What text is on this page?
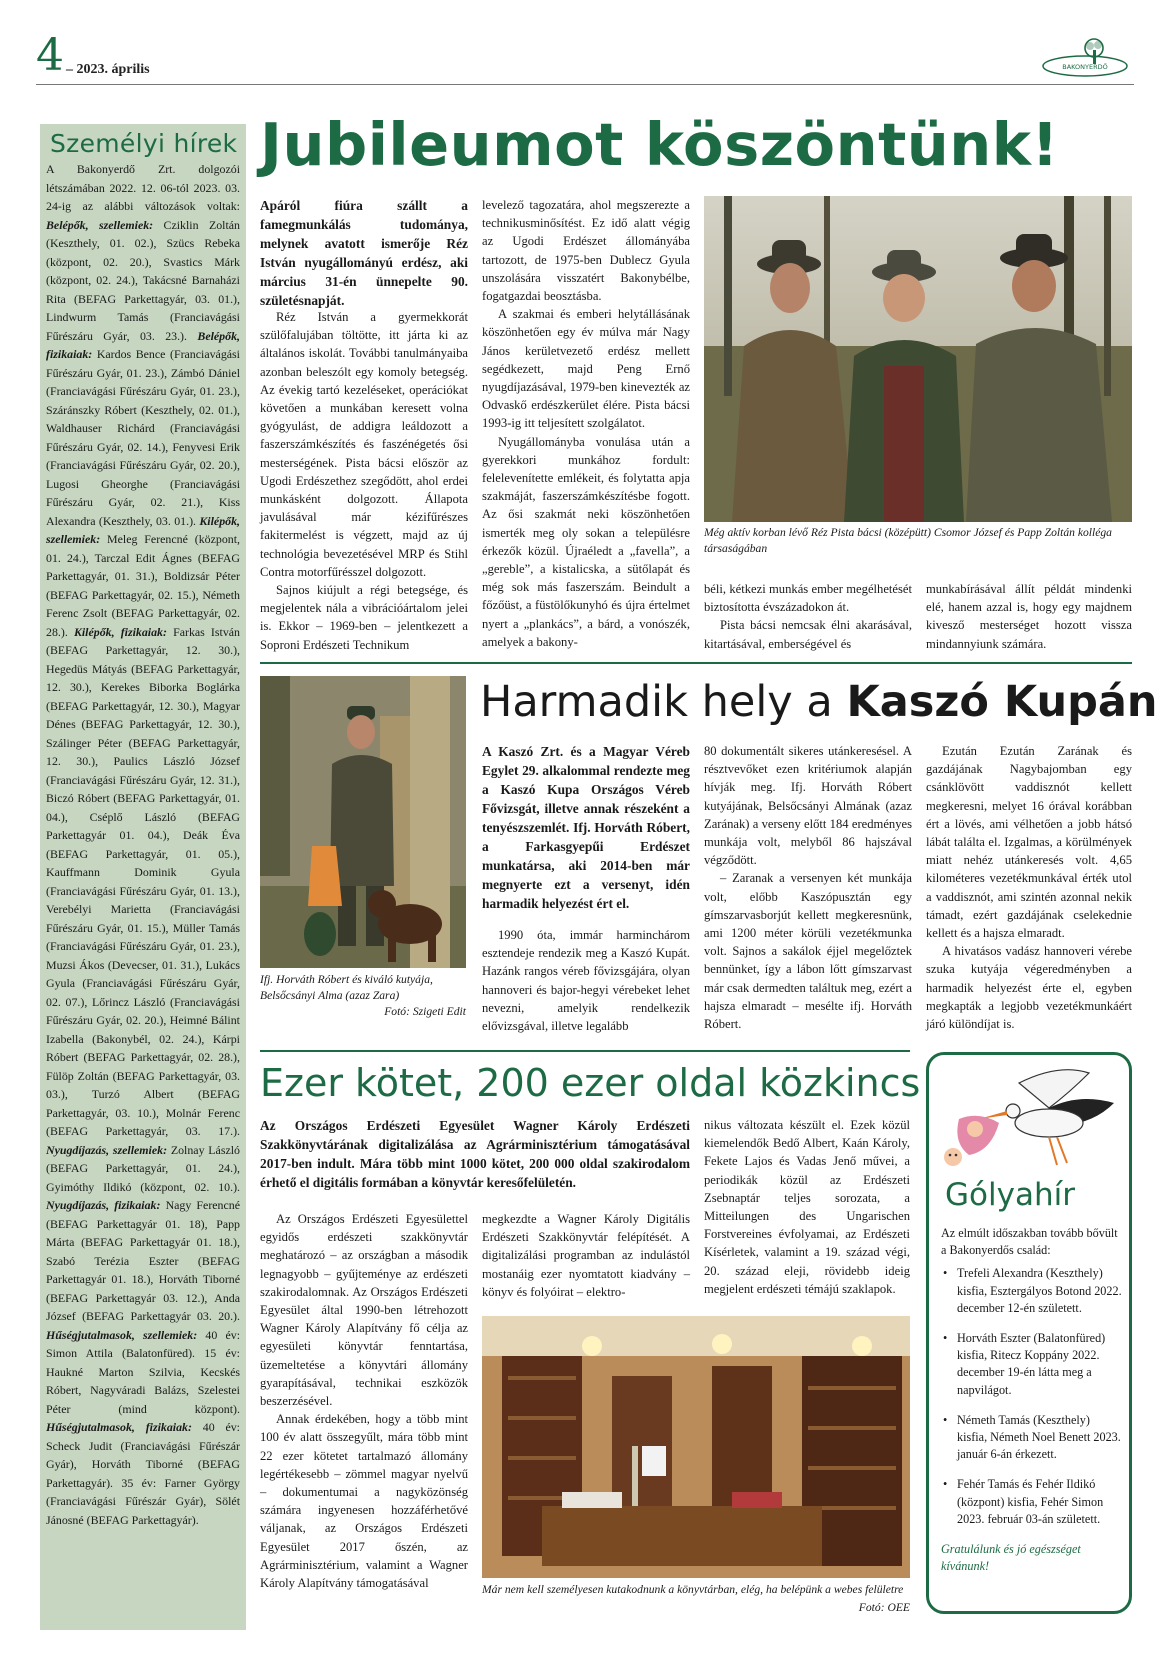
4 – 2023. április	BAKONYERDŐ
Személyi hírek
A Bakonyerdő Zrt. dolgozói létszámában 2022. 12. 06-tól 2023. 03. 24-ig az alábbi változások voltak: Belépők, szellemiek: Cziklin Zoltán (Keszthely, 01. 02.), Szücs Rebeka (központ, 02. 20.), Svastics Márk (központ, 02. 24.), Takácsné Barnaházi Rita (BEFAG Parkettagyár, 03. 01.), Lindwurm Tamás (Franciavágási Fűrészáru Gyár, 03. 23.). Belépők, fizikaiak: Kardos Bence (Franciavágási Fűrészáru Gyár, 01. 23.), Zámbó Dániel (Franciavágási Fűrészáru Gyár, 01. 23.), Száránszky Róbert (Keszthely, 02. 01.), Waldhauser Richárd (Franciavágási Fűrészáru Gyár, 02. 14.), Fenyvesi Erik (Franciavágási Fűrészáru Gyár, 02. 20.), Lugosi Gheorghe (Franciavágási Fűrészáru Gyár, 02. 21.), Kiss Alexandra (Keszthely, 03. 01.). Kilépők, szellemiek: Meleg Ferencné (központ, 01. 24.), Tarczal Edit Ágnes (BEFAG Parkettagyár, 01. 31.), Boldizsár Péter (BEFAG Parkettagyár, 02. 15.), Németh Ferenc Zsolt (BEFAG Parkettagyár, 02. 28.). Kilépők, fizikaiak: Farkas István (BEFAG Parkettagyár, 12. 30.), Hegedüs Mátyás (BEFAG Parkettagyár, 12. 30.), Kerekes Biborka Boglárka (BEFAG Parkettagyár, 12. 30.), Magyar Dénes (BEFAG Parkettagyár, 12. 30.), Szálinger Péter (BEFAG Parkettagyár, 12. 30.), Paulics László József (Franciavágási Fűrészáru Gyár, 12. 31.), Biczó Róbert (BEFAG Parkettagyár, 01. 04.), Cséplő László (BEFAG Parkettagyár 01. 04.), Deák Éva (BEFAG Parkettagyár, 01. 05.), Kauffmann Dominik Gyula (Franciavágási Fűrészáru Gyár, 01. 13.), Verebélyi Marietta (Franciavágási Fűrészáru Gyár, 01. 15.), Müller Tamás (Franciavágási Fűrészáru Gyár, 01. 23.), Muzsi Ákos (Devecser, 01. 31.), Lukács Gyula (Franciavágási Fűrészáru Gyár, 02. 07.), Lőrincz László (Franciavágási Fűrészáru Gyár, 02. 20.), Heimné Bálint Izabella (Bakonybél, 02. 24.), Kárpi Róbert (BEFAG Parkettagyár, 02. 28.), Fülöp Zoltán (BEFAG Parkettagyár, 03. 03.), Turzó Albert (BEFAG Parkettagyár, 03. 10.), Molnár Ferenc (BEFAG Parkettagyár, 03. 17.). Nyugdíjazás, szellemiek: Zolnay László (BEFAG Parkettagyár, 01. 24.), Gyimóthy Ildikó (központ, 02. 10.). Nyugdíjazás, fizikaiak: Nagy Ferencné (BEFAG Parkettagyár 01. 18), Papp Márta (BEFAG Parkettagyár 01. 18.), Szabó Terézia Eszter (BEFAG Parkettagyár 01. 18.), Horváth Tiborné (BEFAG Parkettagyár 03. 12.), Anda József (BEFAG Parkettagyár 03. 20.). Hűségjutalmasok, szellemiek: 40 év: Simon Attila (Balatonfüred). 15 év: Haukné Marton Szilvia, Kecskés Róbert, Nagyváradi Balázs, Szelestei Péter (mind központ). Hűségjutalmasok, fizikaiak: 40 év: Scheck Judit (Franciavágási Fűrészár Gyár), Horváth Tiborné (BEFAG Parkettagyár). 35 év: Farner György (Franciavágási Fűrészár Gyár), Sölét Jánosné (BEFAG Parkettagyár).
Jubileumot köszöntünk!
Apáról fiúra szállt a famegmunkálás tudománya, melynek avatott ismerője Réz István nyugállományú erdész, aki március 31-én ünnepelte 90. születésnapját.

Réz István a gyermekkorát szülőfalujában töltötte, itt járta ki az általános iskolát. További tanulmányaiba azonban beleszólt egy komoly betegség. Az évekig tartó kezeléseket, operációkat követően a munkában keresett volna gyógyulást, de addigra leáldozott a faszerszámkészítés és faszénégetés ősi mesterségének. Pista bácsi először az Ugodi Erdészethez szegődött, ahol erdei munkásként dolgozott. Állapota javulásával már kézifűrészes fakitermelést is végzett, majd az új technológia bevezetésével MRP és Stihl Contra motorfűrésszel dolgozott.

Sajnos kiújult a régi betegsége, és megjelentek nála a vibrációártalom jelei is. Ekkor – 1969-ben – jelentkezett a Soproni Erdészeti Technikum

levelező tagozatára, ahol megszerezte a technikusminősítést. Ez idő alatt végig az Ugodi Erdészet állományába tartozott, de 1975-ben Dublecz Gyula unszolására visszatért Bakonybélbe, fogatgazdai beosztásba.

A szakmai és emberi helytállásának köszönhetően egy év múlva már Nagy János kerületvezető erdész mellett segédkezett, majd Peng Ernő nyugdíjazásával, 1979-ben kinevezték az Odvaskő erdészkerület élére. Pista bácsi 1993-ig itt teljesített szolgálatot.

Nyugállományba vonulása után a gyerekkori munkához fordult: felelevenítette emlékeit, és folytatta apja szakmáját, faszerszámkészítésbe fogott. Az ősi szakmát neki köszönhetően ismerték meg oly sokan a településre érkezők közül. Újraéledt a „favella”, a „gereble”, a kistalicska, a sütőlapát és még sok más faszerszám. Beindult a főzőüst, a füstölőkunyhó és újra értelmet nyert a „plankács”, a bárd, a vonószék, amelyek a bakony-

Még aktív korban lévő Réz Pista bácsi (középütt) Csomor József és Papp Zoltán kolléga társaságában

béli, kétkezi munkás ember megélhetését biztosította évszázadokon át.

Pista bácsi nemcsak élni akarásával, kitartásával, emberségével és

munkabírásával állít példát mindenki elé, hanem azzal is, hogy egy majdnem kivesző mesterséget hozott vissza mindannyiunk számára.

Ifj. Horváth Róbert és kiváló kutyája, Belsőcsányi Alma (azaz Zara)
Fotó: Szigeti Edit
Harmadik hely a Kaszó Kupán
A Kaszó Zrt. és a Magyar Véreb Egylet 29. alkalommal rendezte meg a Kaszó Kupa Országos Véreb Fővizsgát, illetve annak részeként a tenyészszemlét. Ifj. Horváth Róbert, a Farkasgyepűi Erdészet munkatársa, aki 2014-ben már megnyerte ezt a versenyt, idén harmadik helyezést ért el.

1990 óta, immár harminchárom esztendeje rendezik meg a Kaszó Kupát. Hazánk rangos véreb fővizsgájára, olyan hannoveri és bajor-hegyi vérebeket lehet nevezni, amelyik rendelkezik elővizsgával, illetve legalább

80 dokumentált sikeres utánkeresésel. A résztvevőket ezen kritériumok alapján hívják meg. Ifj. Horváth Róbert kutyájának, Belsőcsányi Almának (azaz Zarának) a verseny előtt 184 eredményes munkája volt, melyből 86 hajszával végződött.

– Zaranak a versenyen két munkája volt, előbb Kaszópusztán egy gímszarvasborjút kellett megkeresnünk, ami 1200 méter körüli vezetékmunka volt. Sajnos a sakálok éjjel megelőztek bennünket, így a lábon lőtt gímszarvast már csak dermedten találtuk meg, ezért a hajsza elmaradt – mesélte ifj. Horváth Róbert.

Ezután Ezután Zarának és gazdájának Nagybajomban egy csánklövött vaddisznót kellett megkeresni, melyet 16 órával korábban ért a lövés, ami vélhetően a jobb hátsó lábát találta el. Izgalmas, a körülmények miatt nehéz utánkeresés volt. 4,65 kilométeres vezetékmunkával érték utol a vaddisznót, ami szintén azonnal nekik támadt, ezért gazdájának cselekednie kellett és a hajsza elmaradt.

A hivatásos vadász hannoveri vérebe szuka kutyája végeredményben a harmadik helyezést érte el, egyben megkapták a legjobb vezetékmunkáért járó különdíjat is.

Ezer kötet, 200 ezer oldal közkincs
Az Országos Erdészeti Egyesület Wagner Károly Erdészeti Szakkönyvtárának digitalizálása az Agrárminisztérium támogatásával 2017-ben indult. Mára több mint 1000 kötet, 200 000 oldal szakirodalom érhető el digitális formában a könyvtár keresőfelületén.

Az Országos Erdészeti Egyesülettel egyidős erdészeti szakkönyvtár meghatározó – az országban a második legnagyobb – gyűjteménye az erdészeti szakirodalomnak. Az Országos Erdészeti Egyesület által 1990-ben létrehozott Wagner Károly Alapítvány fő célja az egyesületi könyvtár fenntartása, üzemeltetése a könyvtári állomány gyarapításával, technikai eszközök beszerzésével.

Annak érdekében, hogy a több mint 100 év alatt összegyűlt, mára több mint 22 ezer kötetet tartalmazó állomány legértékesebb – zömmel magyar nyelvű – dokumentumai a nagyközönség számára ingyenesen hozzáférhetővé váljanak, az Országos Erdészeti Egyesület 2017 őszén, az Agrárminisztérium, valamint a Wagner Károly Alapítvány támogatásával

megkezdte a Wagner Károly Digitális Erdészeti Szakkönyvtár felépítését. A digitalizálási programban az indulástól mostanáig ezer nyomtatott kiadvány – könyv és folyóirat – elektro-

nikus változata készült el. Ezek közül kiemelendők Bedő Albert, Kaán Károly, Fekete Lajos és Vadas Jenő művei, a periodikák közül az Erdészeti Zsebnaptár teljes sorozata, a Mitteilungen des Ungarischen Forstvereines évfolyamai, az Erdészeti Kísérletek, valamint a 19. század végi, 20. század eleji, rövidebb ideig megjelent erdészeti témájú szaklapok.

Már nem kell személyesen kutakodnunk a könyvtárban, elég, ha belépünk a webes felületre
Fotó: OEE
Gólyahír
Az elmúlt időszakban tovább bővült a Bakonyerdős család:
• Trefeli Alexandra (Keszthely) kisfia, Esztergályos Botond 2022. december 12-én született.
• Horváth Eszter (Balatonfüred) kisfia, Ritecz Koppány 2022. december 19-én látta meg a napvilágot.
• Németh Tamás (Keszthely) kisfia, Németh Noel Benett 2023. január 6-án érkezett.
• Fehér Tamás és Fehér Ildikó (központ) kisfia, Fehér Simon 2023. február 03-án született.
Gratulálunk és jó egészséget kívánunk!
